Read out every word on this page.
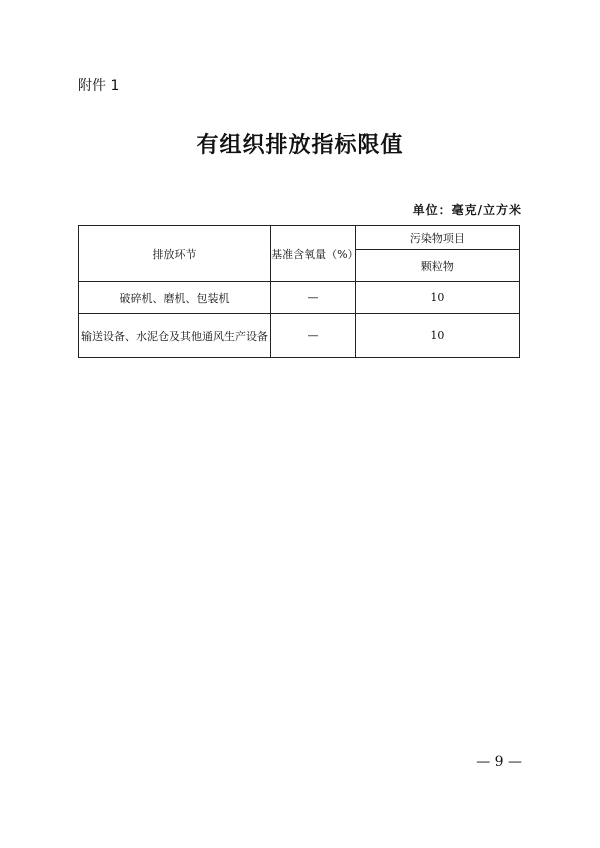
附件 1
有组织排放指标限值
单位：毫克/立方米
排放环节	基准含氧量（%）	污染物项目
		颗粒物
破碎机、磨机、包装机	—	10
输送设备、水泥仓及其他通风生产设备	—	10
— 9 —
